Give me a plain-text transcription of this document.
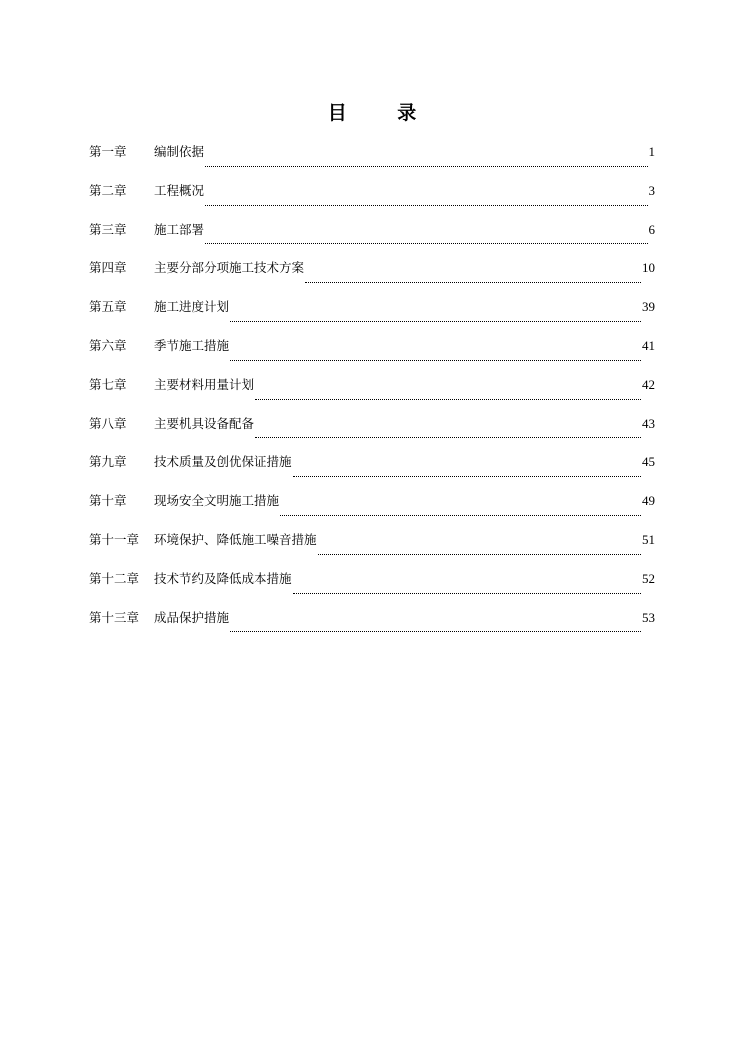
目 录
第一章	编制依据	1
第二章	工程概况	3
第三章	施工部署	6
第四章	主要分部分项施工技术方案	10
第五章	施工进度计划	39
第六章	季节施工措施	41
第七章	主要材料用量计划	42
第八章	主要机具设备配备	43
第九章	技术质量及创优保证措施	45
第十章	现场安全文明施工措施	49
第十一章	环境保护、降低施工噪音措施	51
第十二章	技术节约及降低成本措施	52
第十三章	成品保护措施	53
